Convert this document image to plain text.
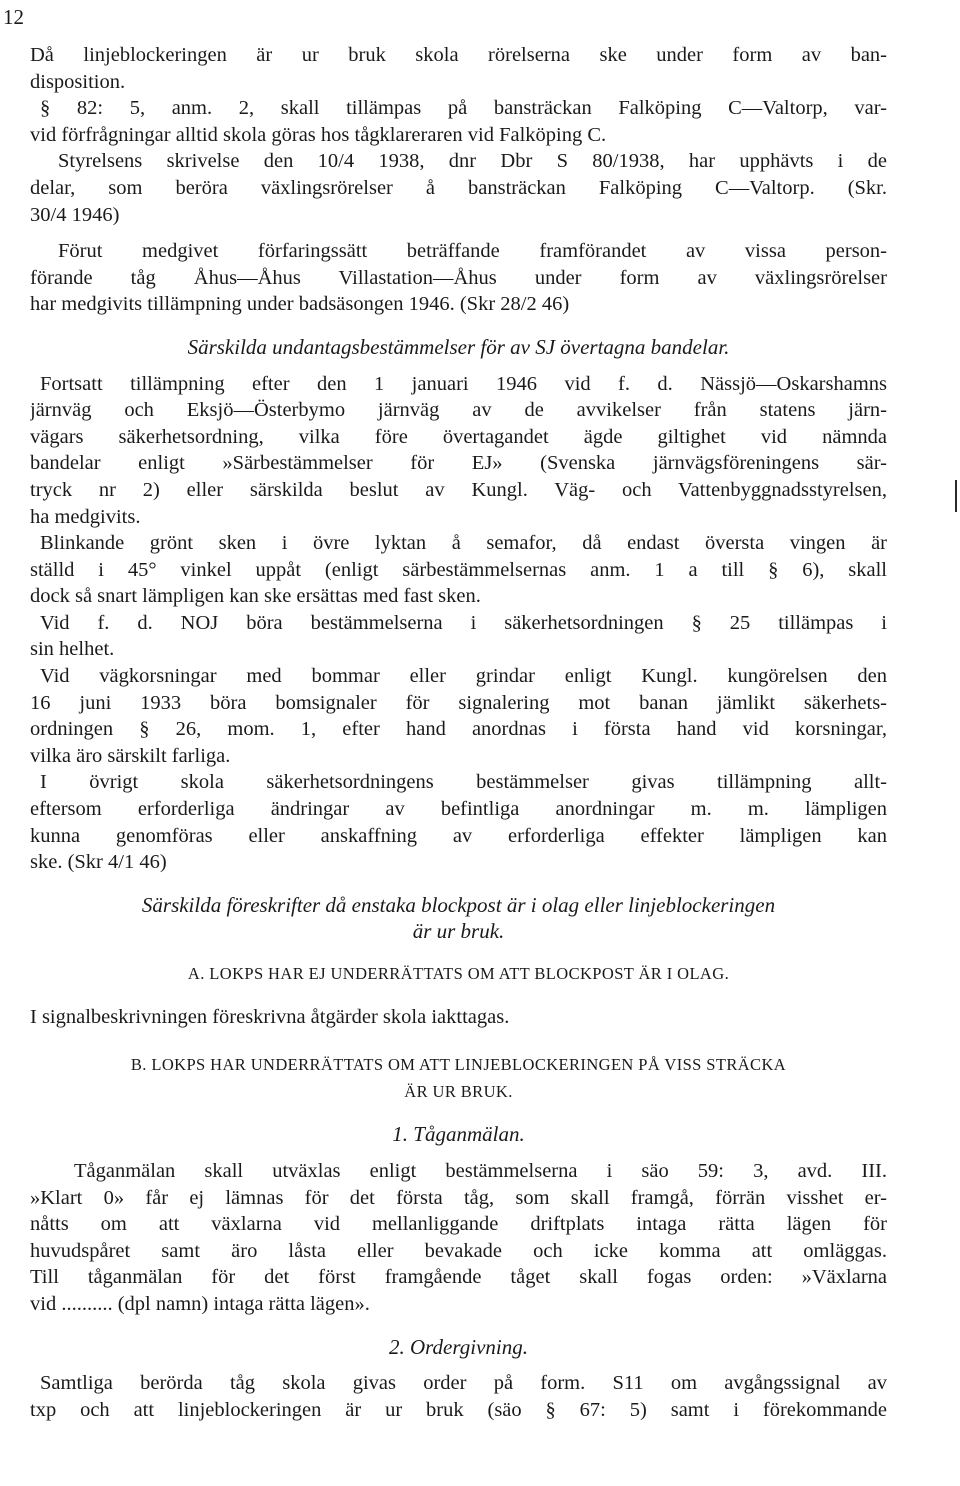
12
Då linjeblockeringen är ur bruk skola rörelserna ske under form av ban-
disposition.
§ 82: 5, anm. 2, skall tillämpas på bansträckan Falköping C—Valtorp, var-
vid förfrågningar alltid skola göras hos tågklareraren vid Falköping C.
Styrelsens skrivelse den 10/4 1938, dnr Dbr S 80/1938, har upphävts i de
delar, som beröra växlingsrörelser å bansträckan Falköping C—Valtorp. (Skr.
30/4 1946)
Förut medgivet förfaringssätt beträffande framförandet av vissa person-
förande tåg Åhus—Åhus Villastation—Åhus under form av växlingsrörelser
har medgivits tillämpning under badsäsongen 1946. (Skr 28/2 46)
Särskilda undantagsbestämmelser för av SJ övertagna bandelar.
Fortsatt tillämpning efter den 1 januari 1946 vid f. d. Nässjö—Oskarshamns
järnväg och Eksjö—Österbymo järnväg av de avvikelser från statens järn-
vägars säkerhetsordning, vilka före övertagandet ägde giltighet vid nämnda
bandelar enligt »Särbestämmelser för EJ» (Svenska järnvägsföreningens sär-
tryck nr 2) eller särskilda beslut av Kungl. Väg- och Vattenbyggnadsstyrelsen,
ha medgivits.
Blinkande grönt sken i övre lyktan å semafor, då endast översta vingen är
ställd i 45° vinkel uppåt (enligt särbestämmelsernas anm. 1 a till § 6), skall
dock så snart lämpligen kan ske ersättas med fast sken.
Vid f. d. NOJ böra bestämmelserna i säkerhetsordningen § 25 tillämpas i
sin helhet.
Vid vägkorsningar med bommar eller grindar enligt Kungl. kungörelsen den
16 juni 1933 böra bomsignaler för signalering mot banan jämlikt säkerhets-
ordningen § 26, mom. 1, efter hand anordnas i första hand vid korsningar,
vilka äro särskilt farliga.
I övrigt skola säkerhetsordningens bestämmelser givas tillämpning allt-
eftersom erforderliga ändringar av befintliga anordningar m. m. lämpligen
kunna genomföras eller anskaffning av erforderliga effekter lämpligen kan
ske. (Skr 4/1 46)
Särskilda föreskrifter då enstaka blockpost är i olag eller linjeblockeringen
är ur bruk.
A. LOKPS HAR EJ UNDERRÄTTATS OM ATT BLOCKPOST ÄR I OLAG.
I signalbeskrivningen föreskrivna åtgärder skola iakttagas.
B. LOKPS HAR UNDERRÄTTATS OM ATT LINJEBLOCKERINGEN PÅ VISS STRÄCKA
ÄR UR BRUK.
1. Tåganmälan.
Tåganmälan skall utväxlas enligt bestämmelserna i säo 59: 3, avd. III.
»Klart 0» får ej lämnas för det första tåg, som skall framgå, förrän visshet er-
nåtts om att växlarna vid mellanliggande driftplats intaga rätta lägen för
huvudspåret samt äro låsta eller bevakade och icke komma att omläggas.
Till tåganmälan för det först framgående tåget skall fogas orden: »Växlarna
vid .......... (dpl namn) intaga rätta lägen».
2. Ordergivning.
Samtliga berörda tåg skola givas order på form. S11 om avgångssignal av
txp och att linjeblockeringen är ur bruk (säo § 67: 5) samt i förekommande
